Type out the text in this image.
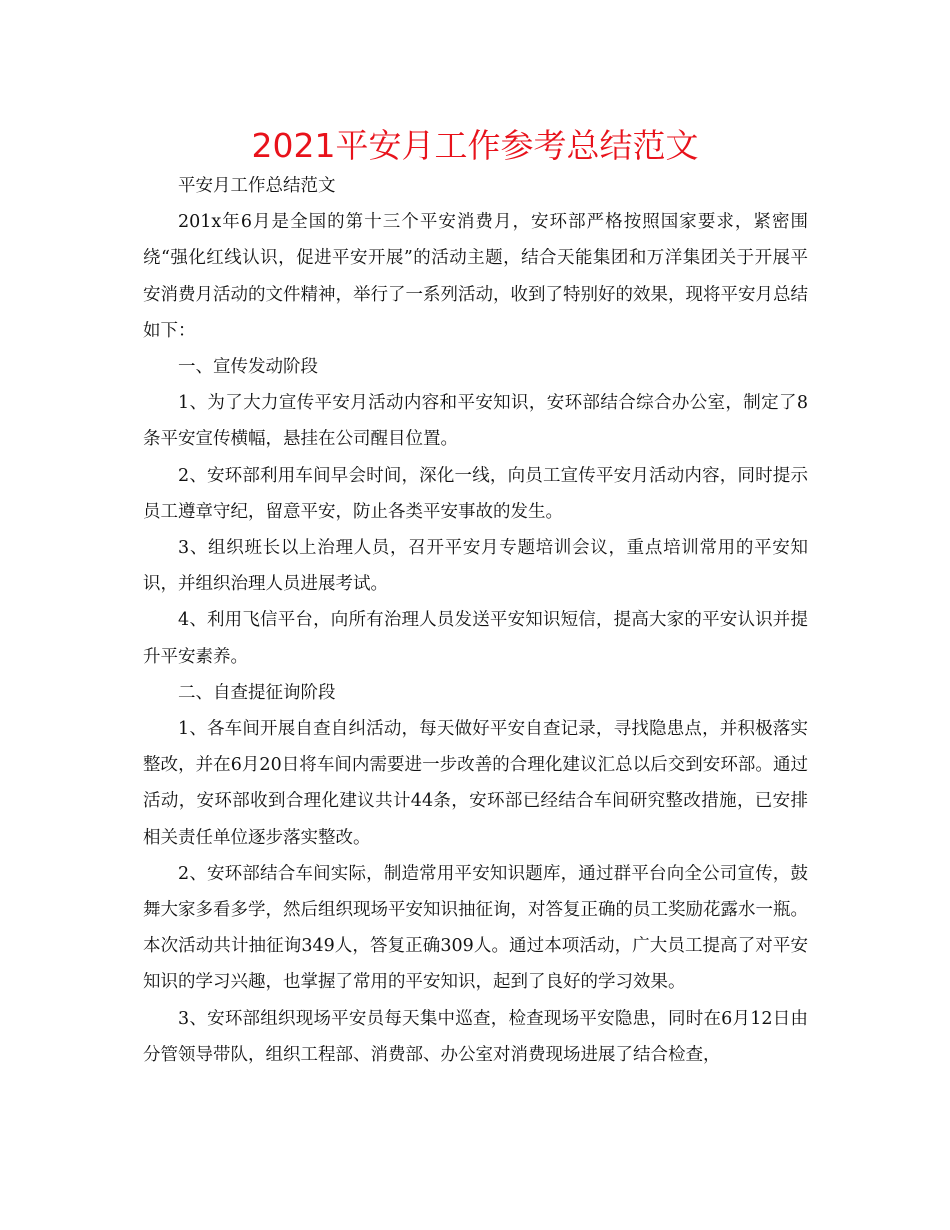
2021平安月工作参考总结范文

平安月工作总结范文

201x年6月是全国的第十三个平安消费月，安环部严格按照国家要求，紧密围绕“强化红线认识，促进平安开展”的活动主题，结合天能集团和万洋集团关于开展平安消费月活动的文件精神，举行了一系列活动，收到了特别好的效果，现将平安月总结如下：

一、宣传发动阶段

1、为了大力宣传平安月活动内容和平安知识，安环部结合综合办公室，制定了8条平安宣传横幅，悬挂在公司醒目位置。

2、安环部利用车间早会时间，深化一线，向员工宣传平安月活动内容，同时提示员工遵章守纪，留意平安，防止各类平安事故的发生。

3、组织班长以上治理人员，召开平安月专题培训会议，重点培训常用的平安知识，并组织治理人员进展考试。

4、利用飞信平台，向所有治理人员发送平安知识短信，提高大家的平安认识并提升平安素养。

二、自查提征询阶段

1、各车间开展自查自纠活动，每天做好平安自查记录，寻找隐患点，并积极落实整改，并在6月20日将车间内需要进一步改善的合理化建议汇总以后交到安环部。通过活动，安环部收到合理化建议共计44条，安环部已经结合车间研究整改措施，已安排相关责任单位逐步落实整改。

2、安环部结合车间实际，制造常用平安知识题库，通过群平台向全公司宣传，鼓舞大家多看多学，然后组织现场平安知识抽征询，对答复正确的员工奖励花露水一瓶。本次活动共计抽征询349人，答复正确309人。通过本项活动，广大员工提高了对平安知识的学习兴趣，也掌握了常用的平安知识，起到了良好的学习效果。

3、安环部组织现场平安员每天集中巡查，检查现场平安隐患，同时在6月12日由分管领导带队，组织工程部、消费部、办公室对消费现场进展了结合检查，
